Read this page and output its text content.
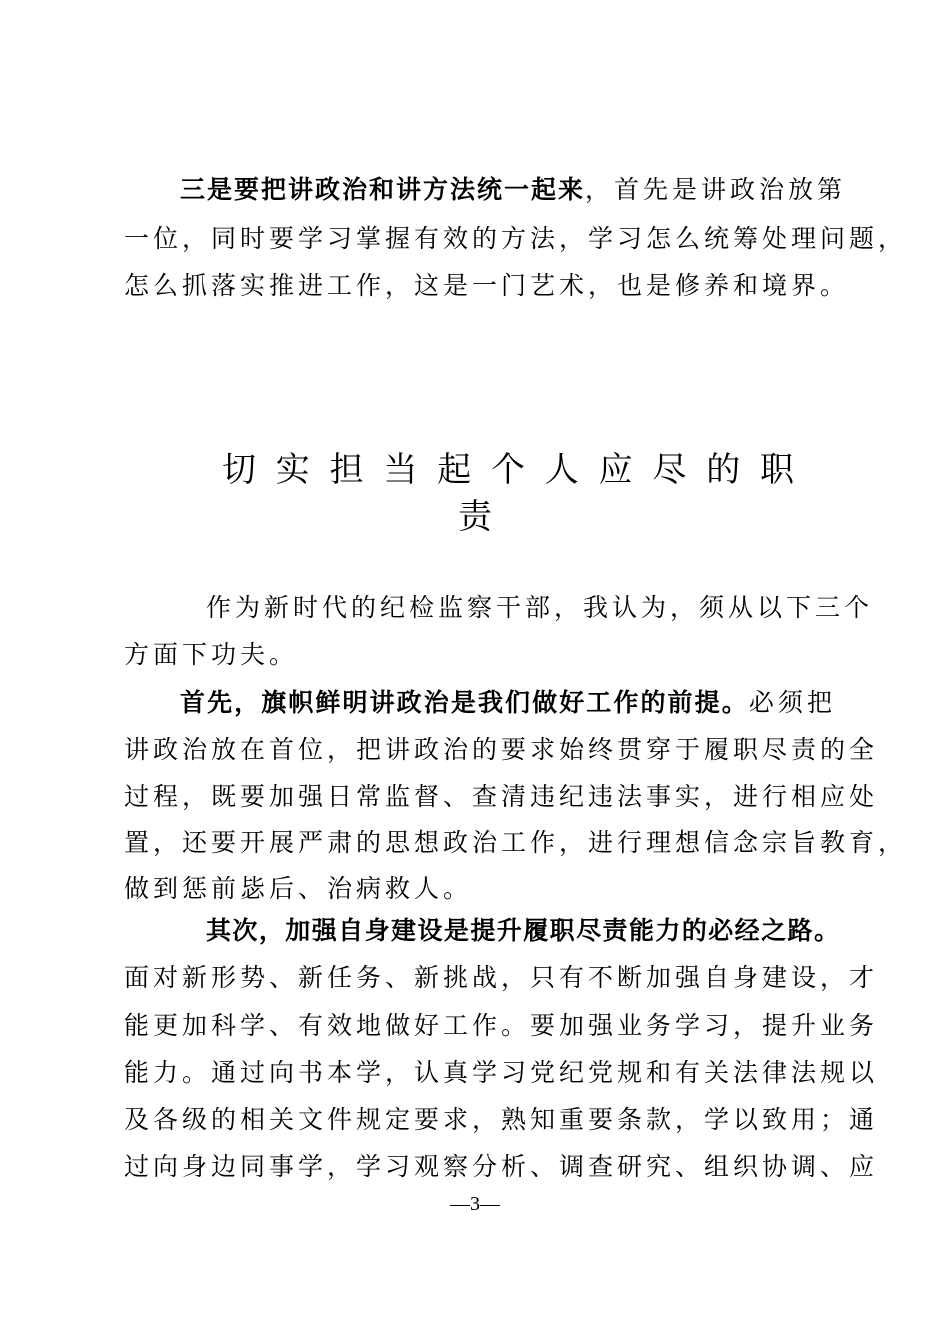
三是要把讲政治和讲方法统一起来，首先是讲政治放第
一位，同时要学习掌握有效的方法，学习怎么统筹处理问题，
怎么抓落实推进工作，这是一门艺术，也是修养和境界。
切实担当起个人应尽的职
责
作为新时代的纪检监察干部，我认为，须从以下三个
方面下功夫。
首先，旗帜鲜明讲政治是我们做好工作的前提。必须把
讲政治放在首位，把讲政治的要求始终贯穿于履职尽责的全
过程，既要加强日常监督、查清违纪违法事实，进行相应处
置，还要开展严肃的思想政治工作，进行理想信念宗旨教育，
做到惩前毖后、治病救人。
其次，加强自身建设是提升履职尽责能力的必经之路。
面对新形势、新任务、新挑战，只有不断加强自身建设，才
能更加科学、有效地做好工作。要加强业务学习，提升业务
能力。通过向书本学，认真学习党纪党规和有关法律法规以
及各级的相关文件规定要求，熟知重要条款，学以致用；通
过向身边同事学，学习观察分析、调查研究、组织协调、应
—3—
